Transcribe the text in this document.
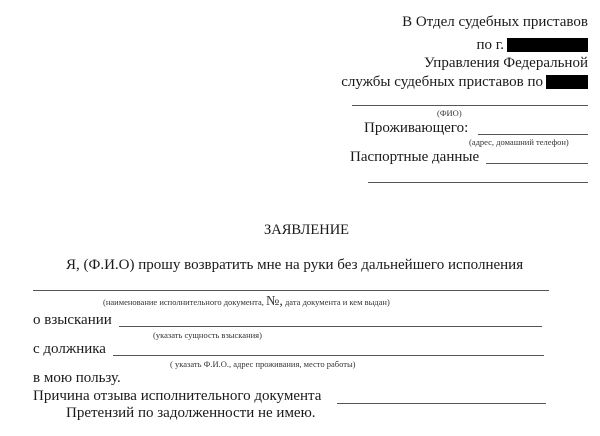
В Отдел судебных приставов
по г.
Управления Федеральной
службы судебных приставов по
(ФИО)
Проживающего:
(адрес, домашний телефон)
Паспортные данные
ЗАЯВЛЕНИЕ
Я, (Ф.И.О) прошу возвратить мне на руки без дальнейшего исполнения
(наименование исполнительного документа, №, дата документа и кем выдан)
о взыскании
(указать сущность взыскания)
с должника
( указать Ф.И.О., адрес проживания, место работы)
в мою пользу.
Причина отзыва исполнительного документа
Претензий по задолженности не имею.
